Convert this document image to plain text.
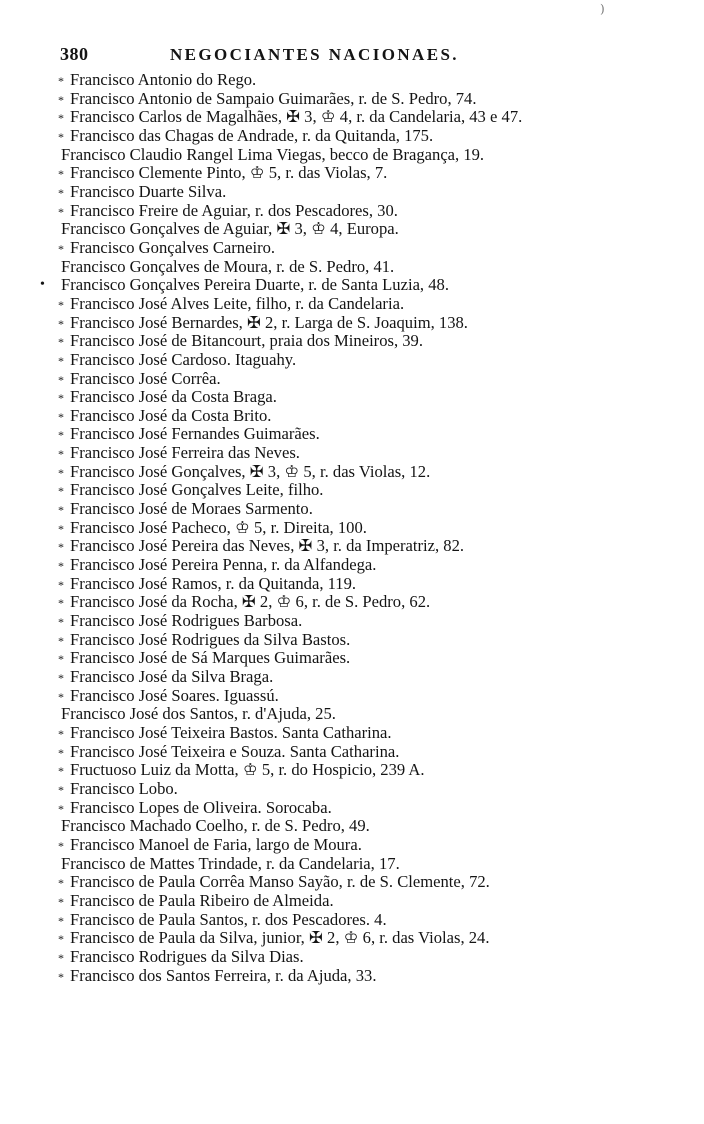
)
380	NEGOCIANTES NACIONAES.
* Francisco Antonio do Rego.
* Francisco Antonio de Sampaio Guimarães, r. de S. Pedro, 74.
* Francisco Carlos de Magalhães, ✠ 3, ♔ 4, r. da Candelaria, 43 e 47.
* Francisco das Chagas de Andrade, r. da Quitanda, 175.
Francisco Claudio Rangel Lima Viegas, becco de Bragança, 19.
* Francisco Clemente Pinto, ♔ 5, r. das Violas, 7.
* Francisco Duarte Silva.
* Francisco Freire de Aguiar, r. dos Pescadores, 30.
Francisco Gonçalves de Aguiar, ✠ 3, ♔ 4, Europa.
* Francisco Gonçalves Carneiro.
Francisco Gonçalves de Moura, r. de S. Pedro, 41.
• Francisco Gonçalves Pereira Duarte, r. de Santa Luzia, 48.
* Francisco José Alves Leite, filho, r. da Candelaria.
* Francisco José Bernardes, ✠ 2, r. Larga de S. Joaquim, 138.
* Francisco José de Bitancourt, praia dos Mineiros, 39.
* Francisco José Cardoso. Itaguahy.
* Francisco José Corrêa.
* Francisco José da Costa Braga.
* Francisco José da Costa Brito.
* Francisco José Fernandes Guimarães.
* Francisco José Ferreira das Neves.
* Francisco José Gonçalves, ✠ 3, ♔ 5, r. das Violas, 12.
* Francisco José Gonçalves Leite, filho.
* Francisco José de Moraes Sarmento.
* Francisco José Pacheco, ♔ 5, r. Direita, 100.
* Francisco José Pereira das Neves, ✠ 3, r. da Imperatriz, 82.
* Francisco José Pereira Penna, r. da Alfandega.
* Francisco José Ramos, r. da Quitanda, 119.
* Francisco José da Rocha, ✠ 2, ♔ 6, r. de S. Pedro, 62.
* Francisco José Rodrigues Barbosa.
* Francisco José Rodrigues da Silva Bastos.
* Francisco José de Sá Marques Guimarães.
* Francisco José da Silva Braga.
* Francisco José Soares. Iguassú.
Francisco José dos Santos, r. d'Ajuda, 25.
* Francisco José Teixeira Bastos. Santa Catharina.
* Francisco José Teixeira e Souza. Santa Catharina.
* Fructuoso Luiz da Motta, ♔ 5, r. do Hospicio, 239 A.
* Francisco Lobo.
* Francisco Lopes de Oliveira. Sorocaba.
Francisco Machado Coelho, r. de S. Pedro, 49.
* Francisco Manoel de Faria, largo de Moura.
Francisco de Mattes Trindade, r. da Candelaria, 17.
* Francisco de Paula Corrêa Manso Sayão, r. de S. Clemente, 72.
* Francisco de Paula Ribeiro de Almeida.
* Francisco de Paula Santos, r. dos Pescadores. 4.
* Francisco de Paula da Silva, junior, ✠ 2, ♔ 6, r. das Violas, 24.
* Francisco Rodrigues da Silva Dias.
* Francisco dos Santos Ferreira, r. da Ajuda, 33.
